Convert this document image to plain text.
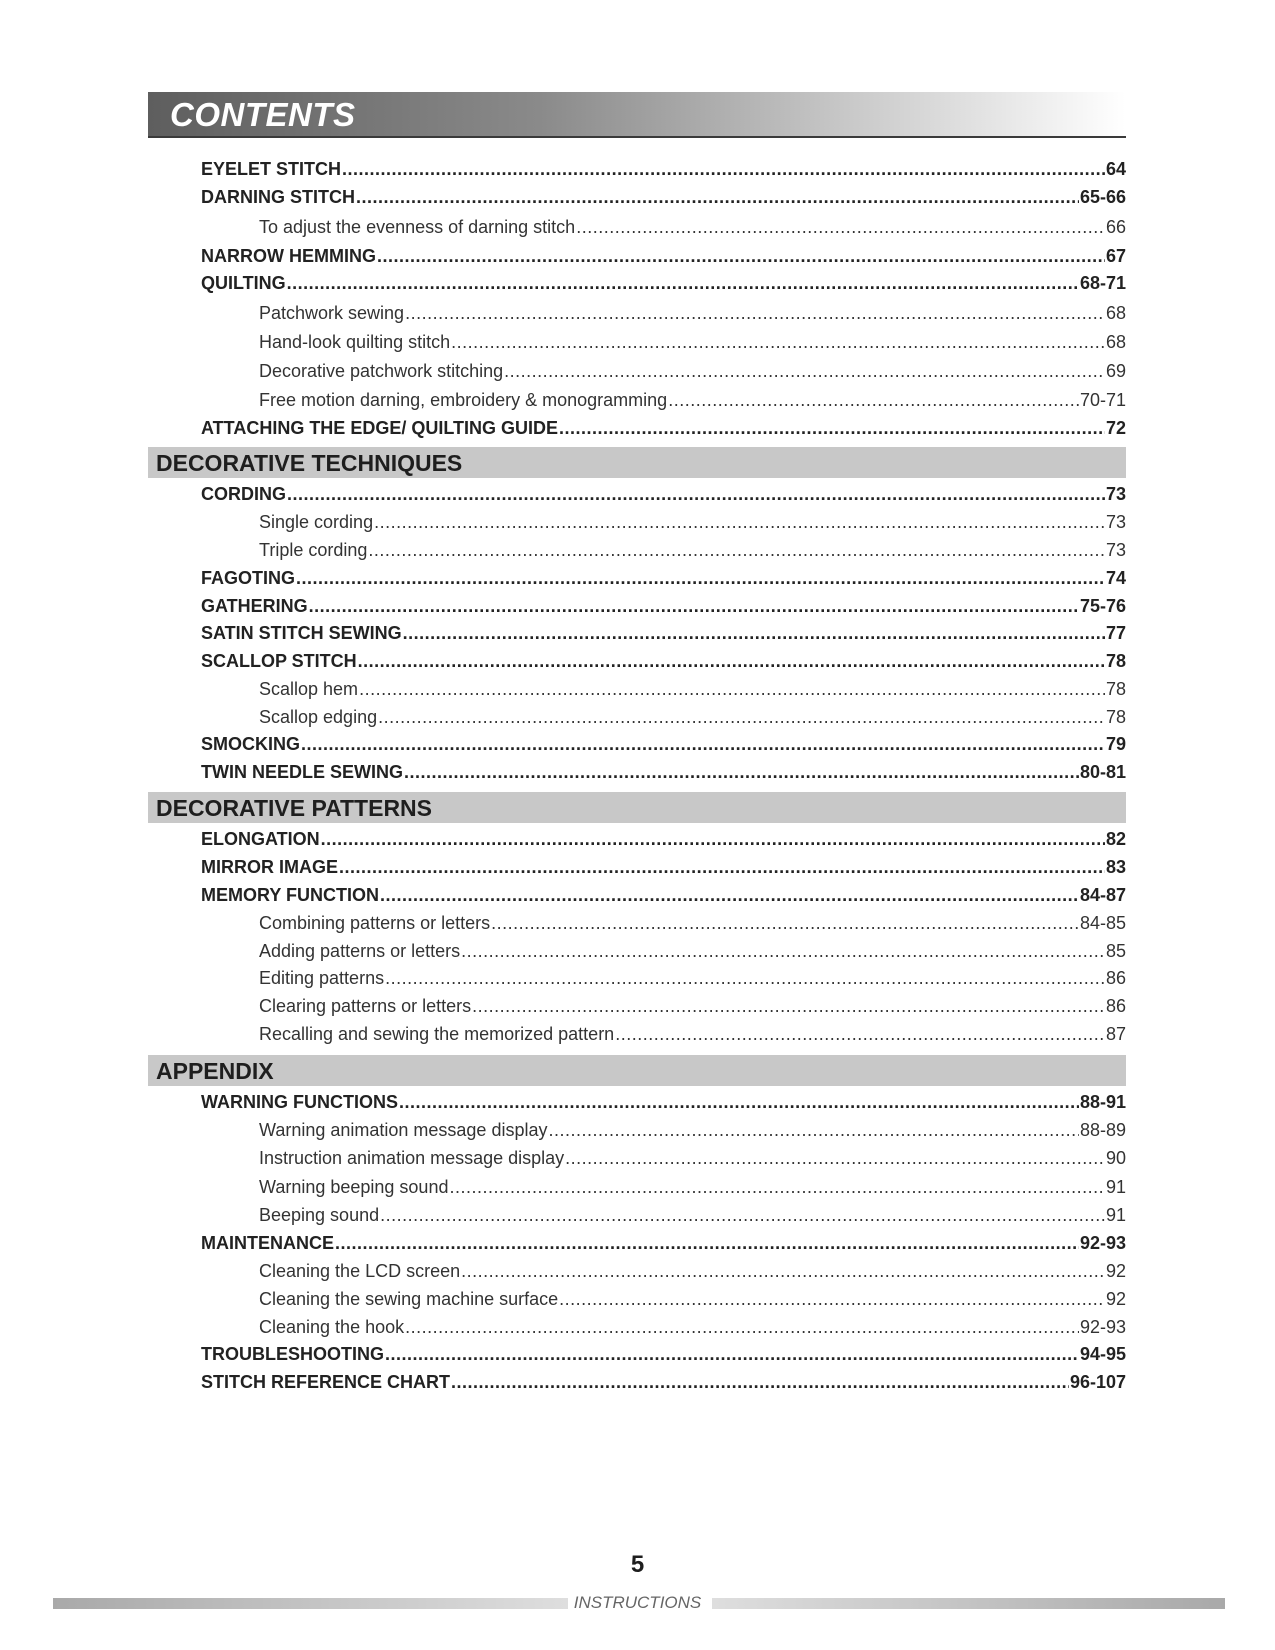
CONTENTS
EYELET STITCH .....	64
DARNING STITCH .....	65-66
To adjust the evenness of darning stitch .....	66
NARROW HEMMING .....	67
QUILTING .....	68-71
Patchwork sewing .....	68
Hand-look quilting stitch .....	68
Decorative patchwork stitching .....	69
Free motion darning, embroidery & monogramming .....	70-71
ATTACHING THE EDGE/ QUILTING GUIDE .....	72
DECORATIVE TECHNIQUES
CORDING .....	73
Single cording .....	73
Triple cording .....	73
FAGOTING .....	74
GATHERING .....	75-76
SATIN STITCH SEWING .....	77
SCALLOP STITCH .....	78
Scallop hem .....	78
Scallop edging .....	78
SMOCKING .....	79
TWIN NEEDLE SEWING .....	80-81
DECORATIVE PATTERNS
ELONGATION .....	82
MIRROR IMAGE .....	83
MEMORY FUNCTION .....	84-87
Combining patterns or letters .....	84-85
Adding patterns or letters .....	85
Editing patterns .....	86
Clearing patterns or letters .....	86
Recalling and sewing the memorized pattern .....	87
APPENDIX
WARNING FUNCTIONS .....	88-91
Warning animation message display .....	88-89
Instruction animation message display .....	90
Warning beeping sound .....	91
Beeping sound .....	91
MAINTENANCE .....	92-93
Cleaning the LCD screen .....	92
Cleaning the sewing machine surface .....	92
Cleaning the hook .....	92-93
TROUBLESHOOTING .....	94-95
STITCH REFERENCE CHART .....	96-107
5
INSTRUCTIONS
